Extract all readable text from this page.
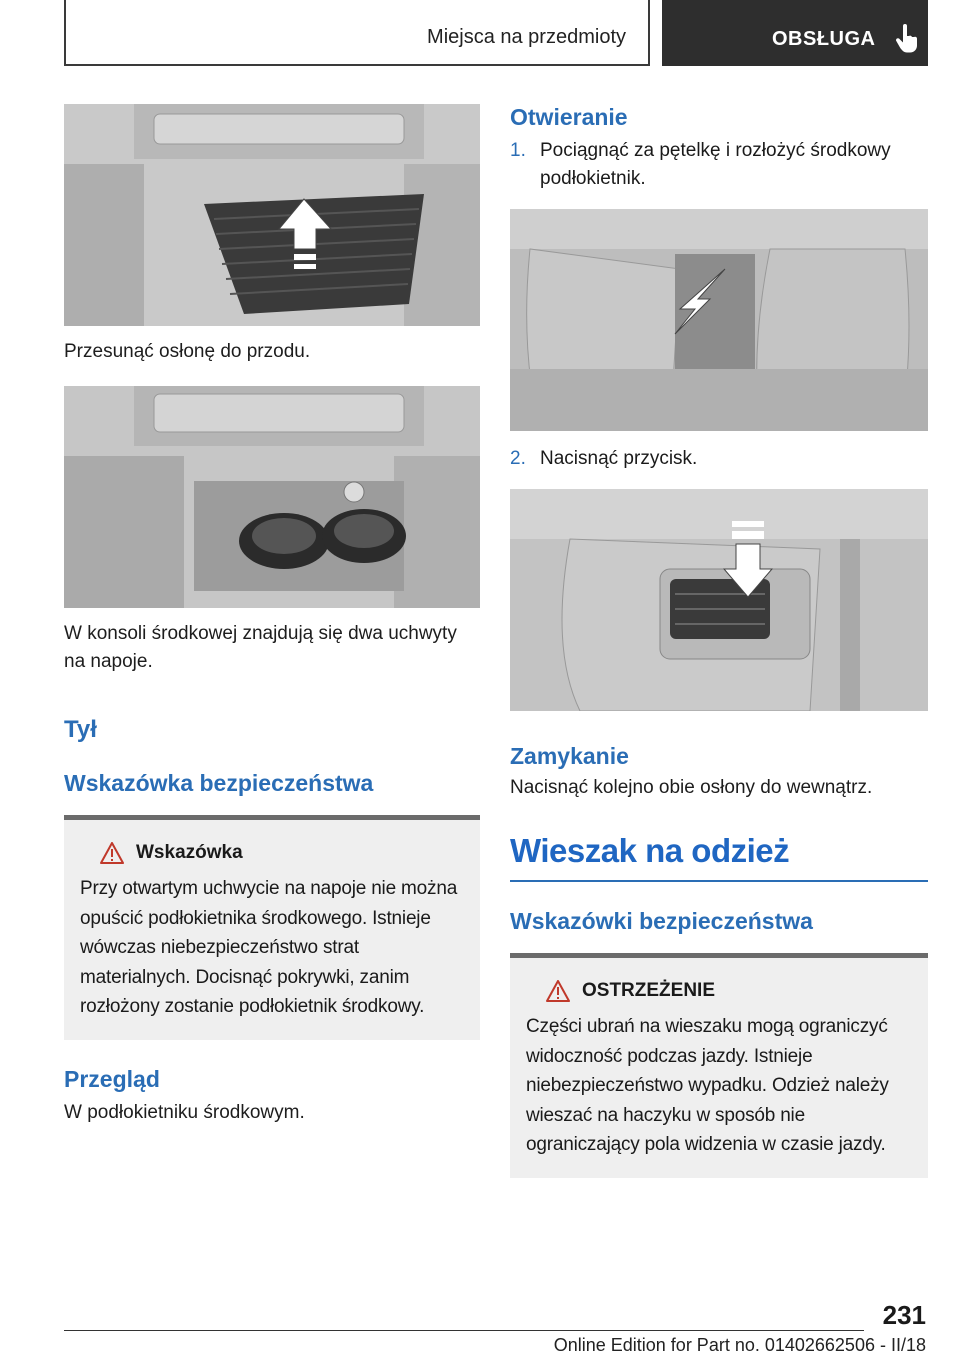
Miejsca na przedmioty	OBSŁUGA

Przesunąć osłonę do przodu.

W konsoli środkowej znajdują się dwa uchwyty na napoje.

Tył
Wskazówka bezpieczeństwa
Wskazówka

Przy otwartym uchwycie na napoje nie można opuścić podłokietnika środkowego. Istnieje wówczas niebezpieczeństwo strat materialnych. Docisnąć pokrywki, zanim rozłożony zostanie podłokietnik środkowy.

Przegląd

W podłokietniku środkowym.

Otwieranie
1. Pociągnąć za pętelkę i rozłożyć środkowy podłokietnik.
2. Nacisnąć przycisk.
Zamykanie

Nacisnąć kolejno obie osłony do wewnątrz.

Wieszak na odzież
Wskazówki bezpieczeństwa
OSTRZEŻENIE

Części ubrań na wieszaku mogą ograniczyć widoczność podczas jazdy. Istnieje niebezpieczeństwo wypadku. Odzież należy wieszać na haczyku w sposób nie ograniczający pola widzenia w czasie jazdy.

231
Online Edition for Part no. 01402662506 - II/18
